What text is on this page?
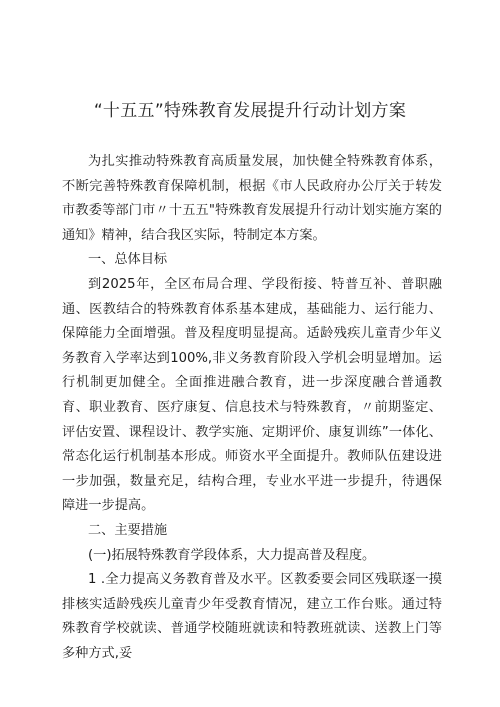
“十五五”特殊教育发展提升行动计划方案

为扎实推动特殊教育高质量发展，加快健全特殊教育体系，不断完善特殊教育保障机制，根据《市人民政府办公厅关于转发市教委等部门市〃十五五"特殊教育发展提升行动计划实施方案的通知》精神，结合我区实际，特制定本方案。

一、总体目标

到2025年，全区布局合理、学段衔接、特普互补、普职融通、医教结合的特殊教育体系基本建成，基础能力、运行能力、保障能力全面增强。普及程度明显提高。适龄残疾儿童青少年义务教育入学率达到100%,非义务教育阶段入学机会明显增加。运行机制更加健全。全面推进融合教育，进一步深度融合普通教育、职业教育、医疗康复、信息技术与特殊教育，〃前期鉴定、评估安置、课程设计、教学实施、定期评价、康复训练”一体化、常态化运行机制基本形成。师资水平全面提升。教师队伍建设进一步加强，数量充足，结构合理，专业水平进一步提升，待遇保障进一步提高。

二、主要措施

(一)拓展特殊教育学段体系，大力提高普及程度。

1 .全力提高义务教育普及水平。区教委要会同区残联逐一摸排核实适龄残疾儿童青少年受教育情况，建立工作台账。通过特殊教育学校就读、普通学校随班就读和特教班就读、送教上门等多种方式,妥
